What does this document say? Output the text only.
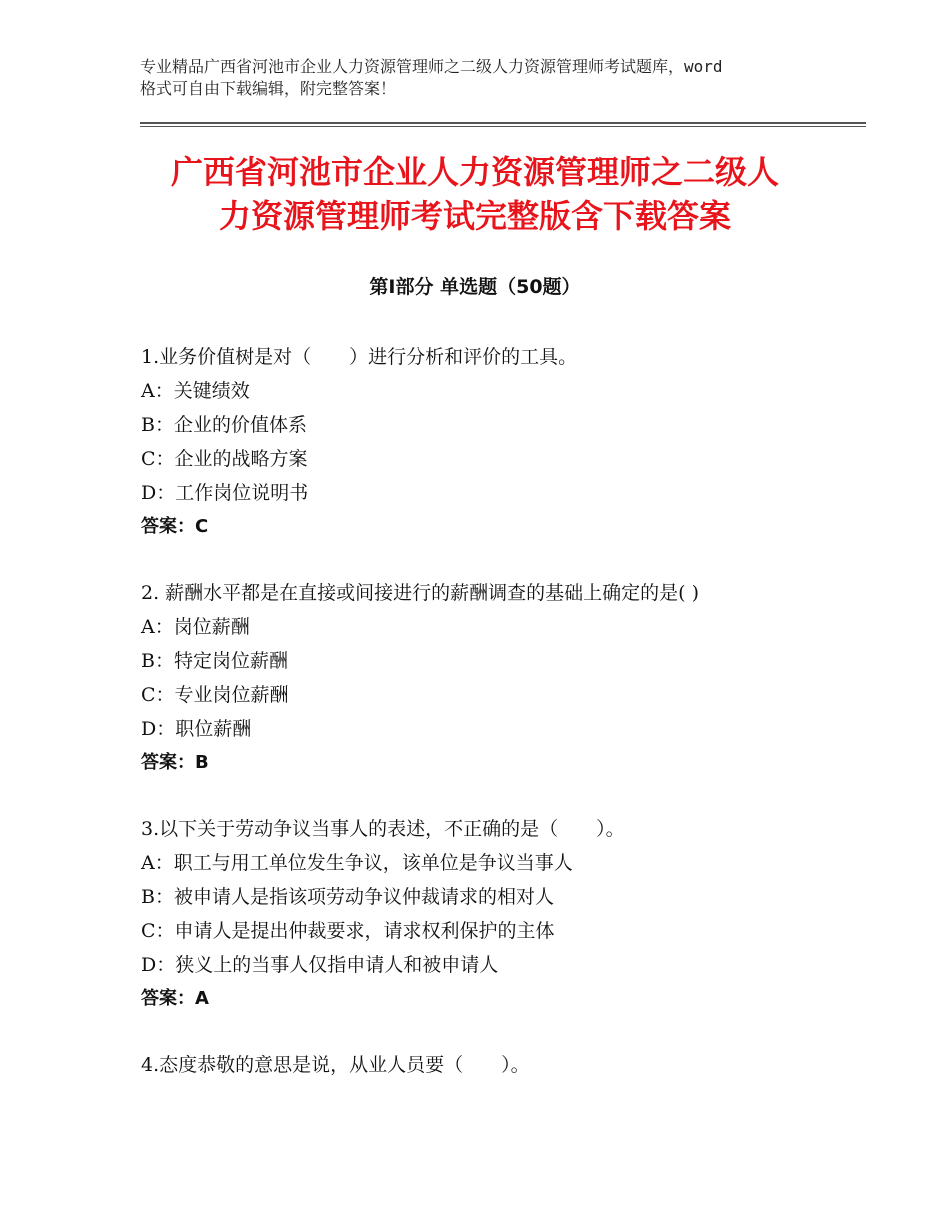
专业精品广西省河池市企业人力资源管理师之二级人力资源管理师考试题库，word
格式可自由下载编辑，附完整答案！
广西省河池市企业人力资源管理师之二级人
力资源管理师考试完整版含下载答案
第Ⅰ部分 单选题（50题）
1.业务价值树是对（　　）进行分析和评价的工具。
A：关键绩效
B：企业的价值体系
C：企业的战略方案
D：工作岗位说明书
答案：C
2. 薪酬水平都是在直接或间接进行的薪酬调查的基础上确定的是( )
A：岗位薪酬
B：特定岗位薪酬
C：专业岗位薪酬
D：职位薪酬
答案：B
3.以下关于劳动争议当事人的表述，不正确的是（　　）。
A：职工与用工单位发生争议，该单位是争议当事人
B：被申请人是指该项劳动争议仲裁请求的相对人
C：申请人是提出仲裁要求，请求权利保护的主体
D：狭义上的当事人仅指申请人和被申请人
答案：A
4.态度恭敬的意思是说，从业人员要（　　）。
